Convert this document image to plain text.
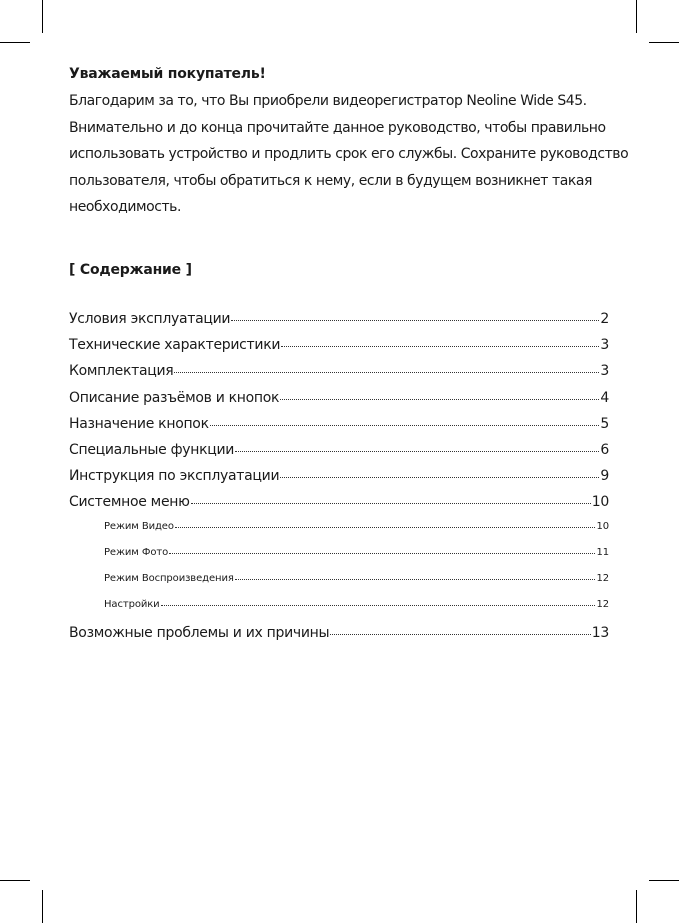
Уважаемый покупатель!
Благодарим за то, что Вы приобрели видеорегистратор Neoline Wide S45.
Внимательно и до конца прочитайте данное руководство, чтобы правильно
использовать устройство и продлить срок его службы. Сохраните руководство
пользователя, чтобы обратиться к нему, если в будущем возникнет такая
необходимость.
[ Содержание ]
Условия эксплуатации	2
Технические характеристики	3
Комплектация	3
Описание разъёмов и кнопок	4
Назначение кнопок	5
Специальные функции	6
Инструкция по эксплуатации	9
Системное меню	10
Режим Видео	10
Режим Фото	11
Режим Воспроизведения	12
Настройки	12
Возможные проблемы и их причины	13
